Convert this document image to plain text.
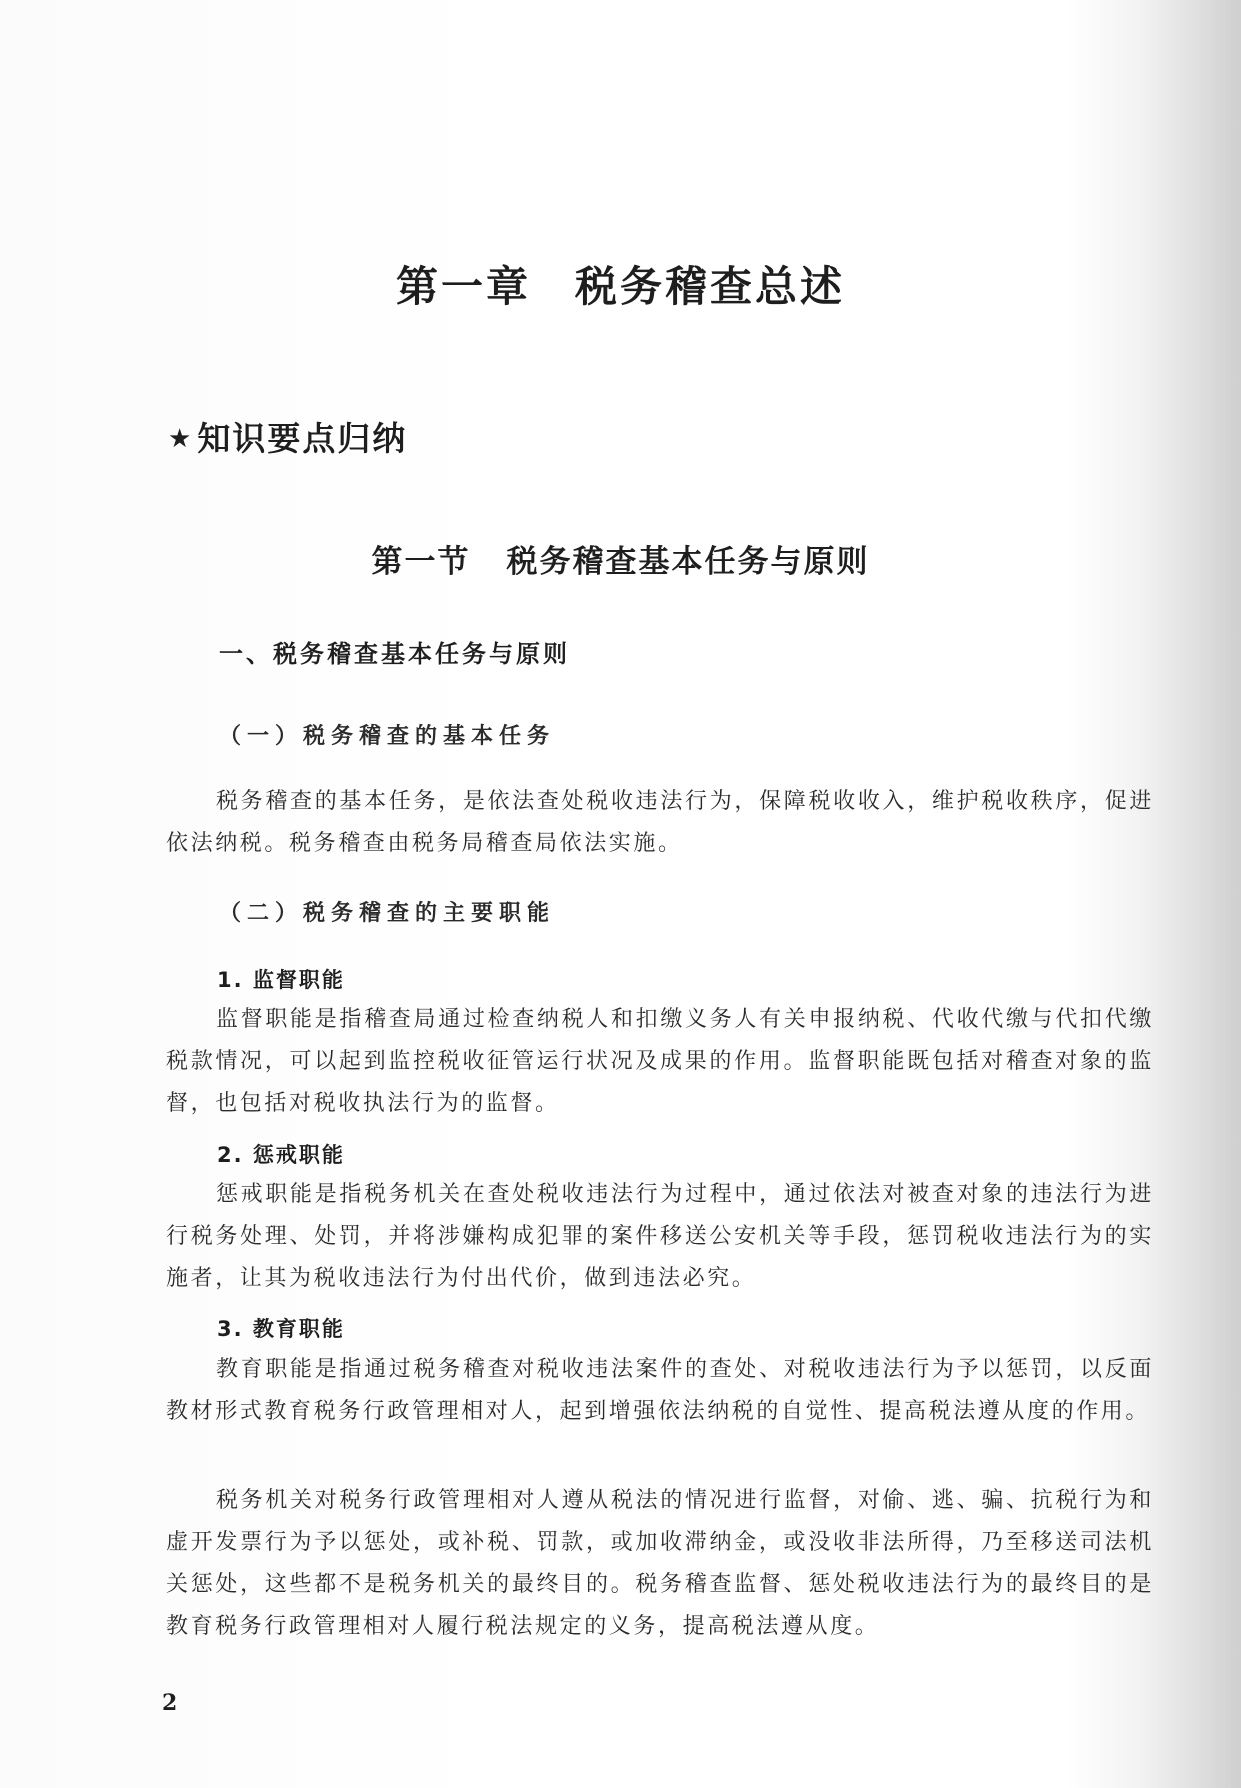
第一章 税务稽查总述
★ 知识要点归纳
第一节 税务稽查基本任务与原则
一、税务稽查基本任务与原则
（一）税务稽查的基本任务

税务稽查的基本任务，是依法查处税收违法行为，保障税收收入，维护税收秩序，促进依法纳税。税务稽查由税务局稽查局依法实施。

（二）税务稽查的主要职能
1. 监督职能

监督职能是指稽查局通过检查纳税人和扣缴义务人有关申报纳税、代收代缴与代扣代缴税款情况，可以起到监控税收征管运行状况及成果的作用。监督职能既包括对稽查对象的监督，也包括对税收执法行为的监督。

2. 惩戒职能

惩戒职能是指税务机关在查处税收违法行为过程中，通过依法对被查对象的违法行为进行税务处理、处罚，并将涉嫌构成犯罪的案件移送公安机关等手段，惩罚税收违法行为的实施者，让其为税收违法行为付出代价，做到违法必究。

3. 教育职能

教育职能是指通过税务稽查对税收违法案件的查处、对税收违法行为予以惩罚，以反面教材形式教育税务行政管理相对人，起到增强依法纳税的自觉性、提高税法遵从度的作用。

税务机关对税务行政管理相对人遵从税法的情况进行监督，对偷、逃、骗、抗税行为和虚开发票行为予以惩处，或补税、罚款，或加收滞纳金，或没收非法所得，乃至移送司法机关惩处，这些都不是税务机关的最终目的。税务稽查监督、惩处税收违法行为的最终目的是教育税务行政管理相对人履行税法规定的义务，提高税法遵从度。

2
